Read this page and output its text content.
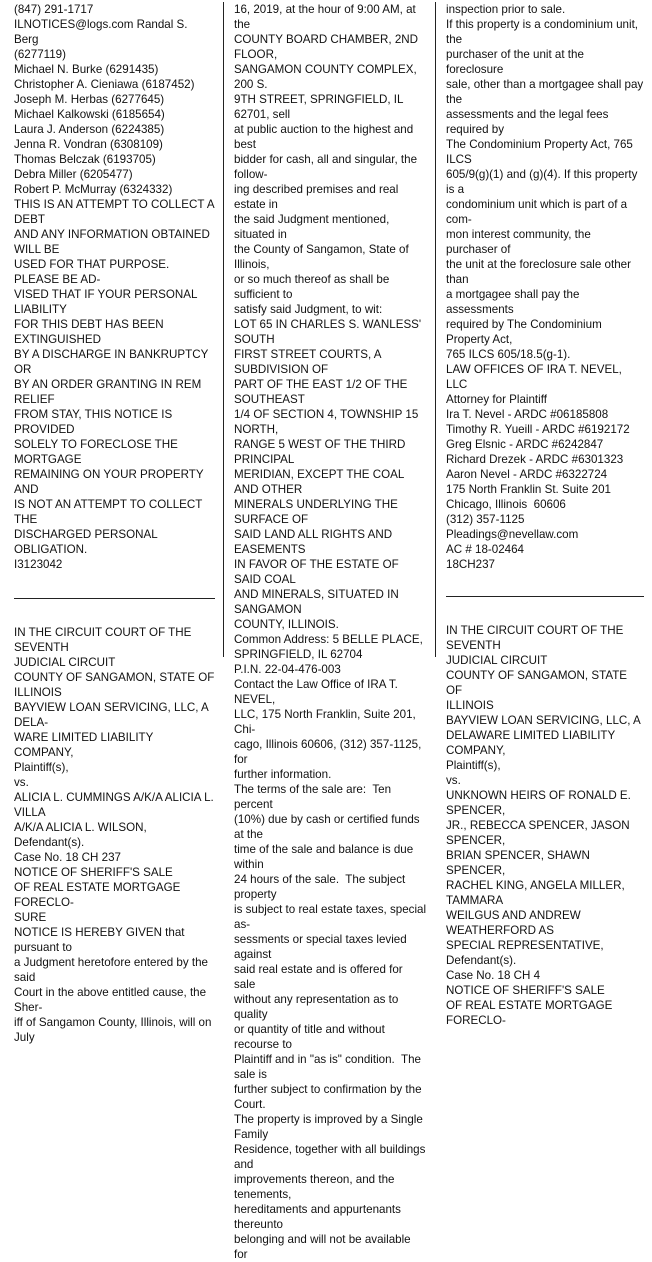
(847) 291-1717
ILNOTICES@logs.com Randal S. Berg
(6277119)
Michael N. Burke (6291435)
Christopher A. Cieniawa (6187452)
Joseph M. Herbas (6277645)
Michael Kalkowski (6185654)
Laura J. Anderson (6224385)
Jenna R. Vondran (6308109)
Thomas Belczak (6193705)
Debra Miller (6205477)
Robert P. McMurray (6324332)
THIS IS AN ATTEMPT TO COLLECT A DEBT
AND ANY INFORMATION OBTAINED WILL BE
USED FOR THAT PURPOSE. PLEASE BE AD-
VISED THAT IF YOUR PERSONAL LIABILITY
FOR THIS DEBT HAS BEEN EXTINGUISHED
BY A DISCHARGE IN BANKRUPTCY OR
BY AN ORDER GRANTING IN REM RELIEF
FROM STAY, THIS NOTICE IS PROVIDED
SOLELY TO FORECLOSE THE MORTGAGE
REMAINING ON YOUR PROPERTY AND
IS NOT AN ATTEMPT TO COLLECT THE
DISCHARGED PERSONAL OBLIGATION.
I3123042

IN THE CIRCUIT COURT OF THE SEVENTH
JUDICIAL CIRCUIT
COUNTY OF SANGAMON, STATE OF
ILLINOIS
BAYVIEW LOAN SERVICING, LLC, A DELA-
WARE LIMITED LIABILITY COMPANY,
Plaintiff(s),
vs.
ALICIA L. CUMMINGS A/K/A ALICIA L. VILLA
A/K/A ALICIA L. WILSON, Defendant(s).
Case No. 18 CH 237
NOTICE OF SHERIFF'S SALE
OF REAL ESTATE MORTGAGE FORECLO-
SURE
NOTICE IS HEREBY GIVEN that pursuant to
a Judgment heretofore entered by the said
Court in the above entitled cause, the Sher-
iff of Sangamon County, Illinois, will on July

16, 2019, at the hour of 9:00 AM, at the
COUNTY BOARD CHAMBER, 2ND FLOOR,
SANGAMON COUNTY COMPLEX, 200 S.
9TH STREET, SPRINGFIELD, IL 62701, sell
at public auction to the highest and best
bidder for cash, all and singular, the follow-
ing described premises and real estate in
the said Judgment mentioned, situated in
the County of Sangamon, State of Illinois,
or so much thereof as shall be sufficient to
satisfy said Judgment, to wit:
LOT 65 IN CHARLES S. WANLESS' SOUTH
FIRST STREET COURTS, A SUBDIVISION OF
PART OF THE EAST 1/2 OF THE SOUTHEAST
1/4 OF SECTION 4, TOWNSHIP 15 NORTH,
RANGE 5 WEST OF THE THIRD PRINCIPAL
MERIDIAN, EXCEPT THE COAL AND OTHER
MINERALS UNDERLYING THE SURFACE OF
SAID LAND ALL RIGHTS AND EASEMENTS
IN FAVOR OF THE ESTATE OF SAID COAL
AND MINERALS, SITUATED IN SANGAMON
COUNTY, ILLINOIS.
Common Address: 5 BELLE PLACE,
SPRINGFIELD, IL 62704
P.I.N. 22-04-476-003
Contact the Law Office of IRA T. NEVEL,
LLC, 175 North Franklin, Suite 201, Chi-
cago, Illinois 60606, (312) 357-1125, for
further information.
The terms of the sale are:  Ten percent
(10%) due by cash or certified funds at the
time of the sale and balance is due within
24 hours of the sale.  The subject property
is subject to real estate taxes, special as-
sessments or special taxes levied against
said real estate and is offered for sale
without any representation as to quality
or quantity of title and without recourse to
Plaintiff and in "as is" condition.  The sale is
further subject to confirmation by the Court.
The property is improved by a Single Family
Residence, together with all buildings and
improvements thereon, and the tenements,
hereditaments and appurtenants thereunto
belonging and will not be available for

inspection prior to sale.
If this property is a condominium unit, the
purchaser of the unit at the foreclosure
sale, other than a mortgagee shall pay the
assessments and the legal fees required by
The Condominium Property Act, 765 ILCS
605/9(g)(1) and (g)(4). If this property is a
condominium unit which is part of a com-
mon interest community, the purchaser of
the unit at the foreclosure sale other than
a mortgagee shall pay the assessments
required by The Condominium Property Act,
765 ILCS 605/18.5(g-1).
LAW OFFICES OF IRA T. NEVEL, LLC
Attorney for Plaintiff
Ira T. Nevel - ARDC #06185808
Timothy R. Yueill - ARDC #6192172
Greg Elsnic - ARDC #6242847
Richard Drezek - ARDC #6301323
Aaron Nevel - ARDC #6322724
175 North Franklin St. Suite 201
Chicago, Illinois  60606
(312) 357-1125
Pleadings@nevellaw.com
AC # 18-02464
18CH237

IN THE CIRCUIT COURT OF THE SEVENTH
JUDICIAL CIRCUIT
COUNTY OF SANGAMON, STATE OF
ILLINOIS
BAYVIEW LOAN SERVICING, LLC, A
DELAWARE LIMITED LIABILITY COMPANY,
Plaintiff(s),
vs.
UNKNOWN HEIRS OF RONALD E. SPENCER,
JR., REBECCA SPENCER, JASON SPENCER,
BRIAN SPENCER, SHAWN SPENCER,
RACHEL KING, ANGELA MILLER, TAMMARA
WEILGUS AND ANDREW WEATHERFORD AS
SPECIAL REPRESENTATIVE, Defendant(s).
Case No. 18 CH 4
NOTICE OF SHERIFF'S SALE
OF REAL ESTATE MORTGAGE FORECLO-
